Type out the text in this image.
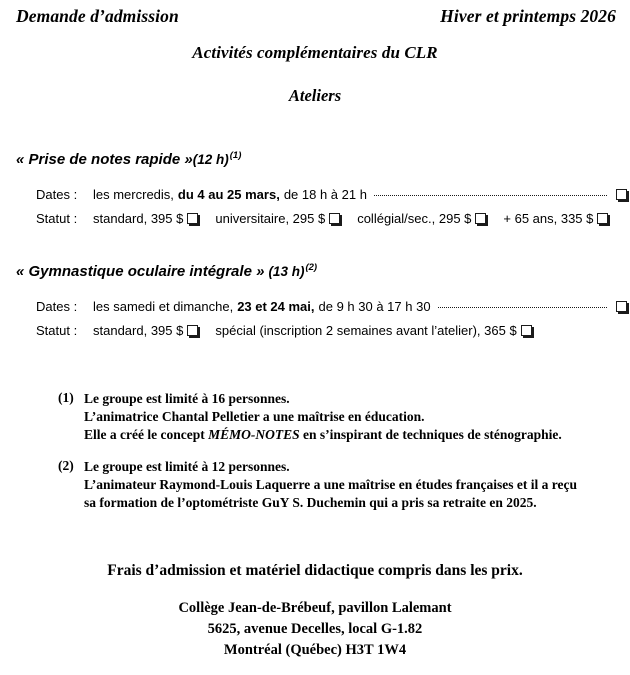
Demande d’admission	Hiver et printemps 2026
Activités complémentaires du CLR
Ateliers
« Prise de notes rapide »(12 h)$^{(1)}$
Dates :	les mercredis, du 4 au 25 mars, de 18 h à 21 h
Statut :	standard, 395 $ universitaire, 295 $ collégial/sec., 295 $ + 65 ans, 335 $
« Gymnastique oculaire intégrale » (13 h)$^{(2)}$
Dates :	les samedi et dimanche, 23 et 24 mai, de 9 h 30 à 17 h 30
Statut :	standard, 395 $ spécial (inscription 2 semaines avant l’atelier), 365 $
(1) Le groupe est limité à 16 personnes.
L’animatrice Chantal Pelletier a une maîtrise en éducation.
Elle a créé le concept MÉMO-NOTES en s’inspirant de techniques de sténographie.
(2) Le groupe est limité à 12 personnes.
L’animateur Raymond-Louis Laquerre a une maîtrise en études françaises et il a reçu
sa formation de l’optométriste GuY S. Duchemin qui a pris sa retraite en 2025.
Frais d’admission et matériel didactique compris dans les prix.
Collège Jean-de-Brébeuf, pavillon Lalemant
5625, avenue Decelles, local G-1.82
Montréal (Québec) H3T 1W4
